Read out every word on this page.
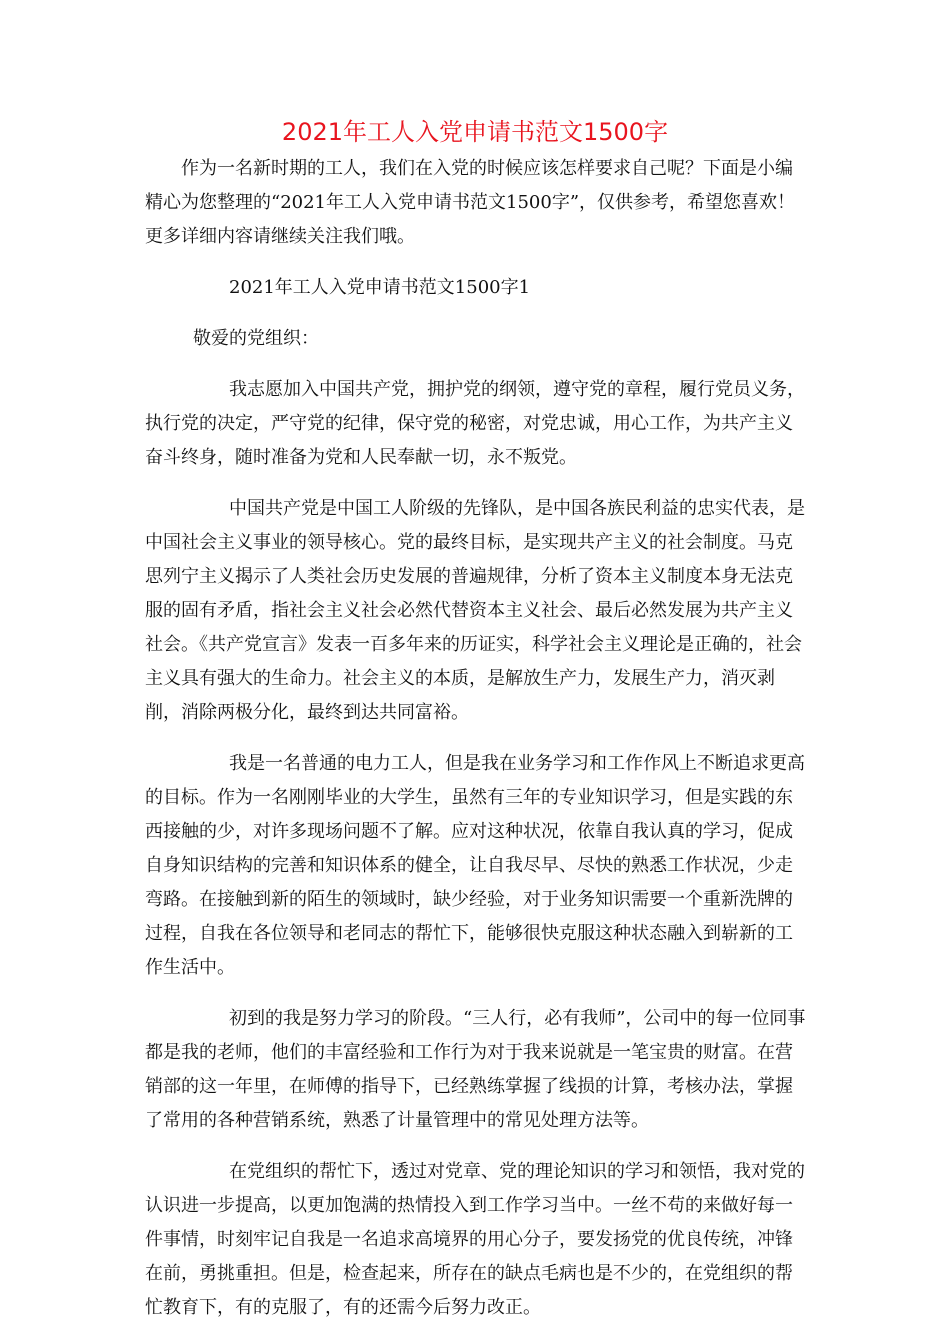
2021年工人入党申请书范文1500字

作为一名新时期的工人，我们在入党的时候应该怎样要求自己呢？下面是小编精心为您整理的“2021年工人入党申请书范文1500字”，仅供参考，希望您喜欢！更多详细内容请继续关注我们哦。

2021年工人入党申请书范文1500字1

敬爱的党组织：

我志愿加入中国共产党，拥护党的纲领，遵守党的章程，履行党员义务，执行党的决定，严守党的纪律，保守党的秘密，对党忠诚，用心工作，为共产主义奋斗终身，随时准备为党和人民奉献一切，永不叛党。

中国共产党是中国工人阶级的先锋队，是中国各族民利益的忠实代表，是中国社会主义事业的领导核心。党的最终目标，是实现共产主义的社会制度。马克思列宁主义揭示了人类社会历史发展的普遍规律，分析了资本主义制度本身无法克服的固有矛盾，指社会主义社会必然代替资本主义社会、最后必然发展为共产主义社会。《共产党宣言》发表一百多年来的历证实，科学社会主义理论是正确的，社会主义具有强大的生命力。社会主义的本质，是解放生产力，发展生产力，消灭剥削，消除两极分化，最终到达共同富裕。

我是一名普通的电力工人，但是我在业务学习和工作作风上不断追求更高的目标。作为一名刚刚毕业的大学生，虽然有三年的专业知识学习，但是实践的东西接触的少，对许多现场问题不了解。应对这种状况，依靠自我认真的学习，促成自身知识结构的完善和知识体系的健全，让自我尽早、尽快的熟悉工作状况，少走弯路。在接触到新的陌生的领域时，缺少经验，对于业务知识需要一个重新洗牌的过程，自我在各位领导和老同志的帮忙下，能够很快克服这种状态融入到崭新的工作生活中。

初到的我是努力学习的阶段。“三人行，必有我师”，公司中的每一位同事都是我的老师，他们的丰富经验和工作行为对于我来说就是一笔宝贵的财富。在营销部的这一年里，在师傅的指导下，已经熟练掌握了线损的计算，考核办法，掌握了常用的各种营销系统，熟悉了计量管理中的常见处理方法等。

在党组织的帮忙下，透过对党章、党的理论知识的学习和领悟，我对党的认识进一步提高，以更加饱满的热情投入到工作学习当中。一丝不苟的来做好每一件事情，时刻牢记自我是一名追求高境界的用心分子，要发扬党的优良传统，冲锋在前，勇挑重担。但是，检查起来，所存在的缺点毛病也是不少的，在党组织的帮忙教育下，有的克服了，有的还需今后努力改正。
